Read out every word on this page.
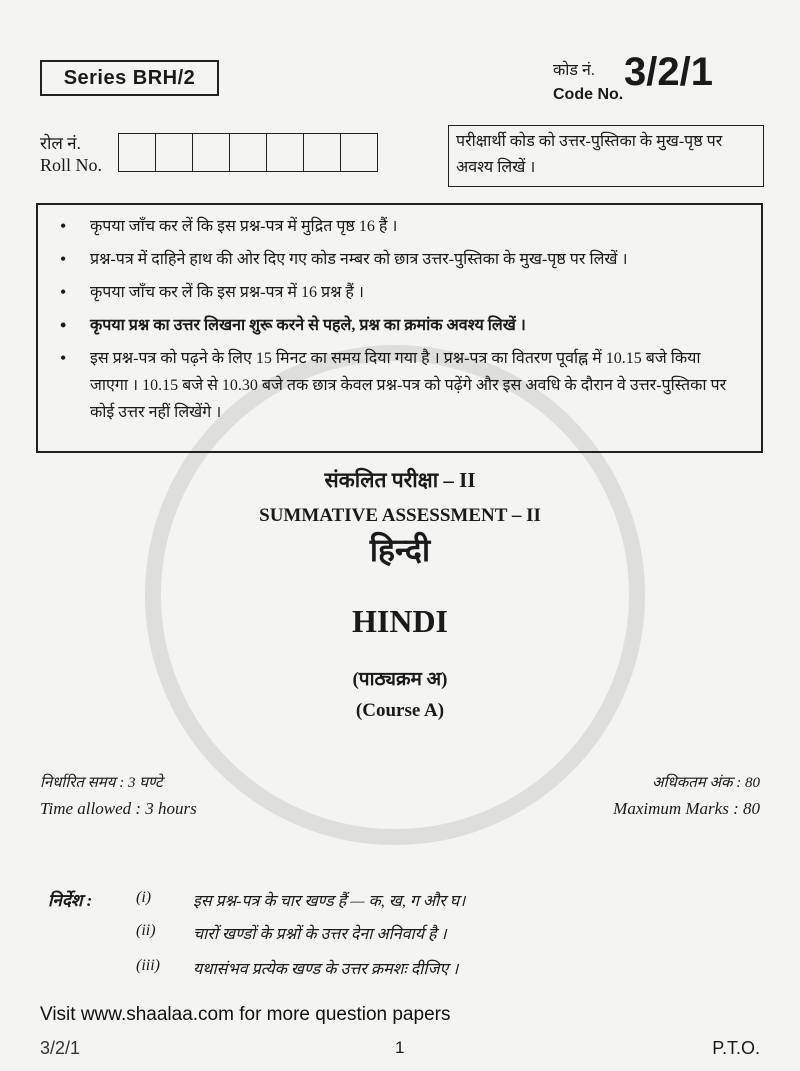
Series BRH/2	कोड नं.
Code No.
3/2/1
रोल नं.
Roll No.
परीक्षार्थी कोड को उत्तर-पुस्तिका के मुख-पृष्ठ पर अवश्य लिखें ।
•	कृपया जाँच कर लें कि इस प्रश्न-पत्र में मुद्रित पृष्ठ 16 हैं ।
•	प्रश्न-पत्र में दाहिने हाथ की ओर दिए गए कोड नम्बर को छात्र उत्तर-पुस्तिका के मुख-पृष्ठ पर लिखें ।
•	कृपया जाँच कर लें कि इस प्रश्न-पत्र में 16 प्रश्न हैं ।
•	कृपया प्रश्न का उत्तर लिखना शुरू करने से पहले, प्रश्न का क्रमांक अवश्य लिखें ।
•	इस प्रश्न-पत्र को पढ़ने के लिए 15 मिनट का समय दिया गया है । प्रश्न-पत्र का वितरण पूर्वाह्न में 10.15 बजे किया जाएगा । 10.15 बजे से 10.30 बजे तक छात्र केवल प्रश्न-पत्र को पढ़ेंगे और इस अवधि के दौरान वे उत्तर-पुस्तिका पर कोई उत्तर नहीं लिखेंगे ।
संकलित परीक्षा – II
SUMMATIVE ASSESSMENT – II
हिन्दी
HINDI
(पाठ्यक्रम अ)
(Course A)
निर्धारित समय : 3 घण्टे
Time allowed : 3 hours
अधिकतम अंक : 80
Maximum Marks : 80
निर्देश :	(i)	इस प्रश्न-पत्र के चार खण्ड हैं — क, ख, ग और घ।
(ii)	चारों खण्डों के प्रश्नों के उत्तर देना अनिवार्य है ।
(iii)	यथासंभव प्रत्येक खण्ड के उत्तर क्रमशः दीजिए ।
Visit www.shaalaa.com for more question papers
3/2/1	1	P.T.O.
